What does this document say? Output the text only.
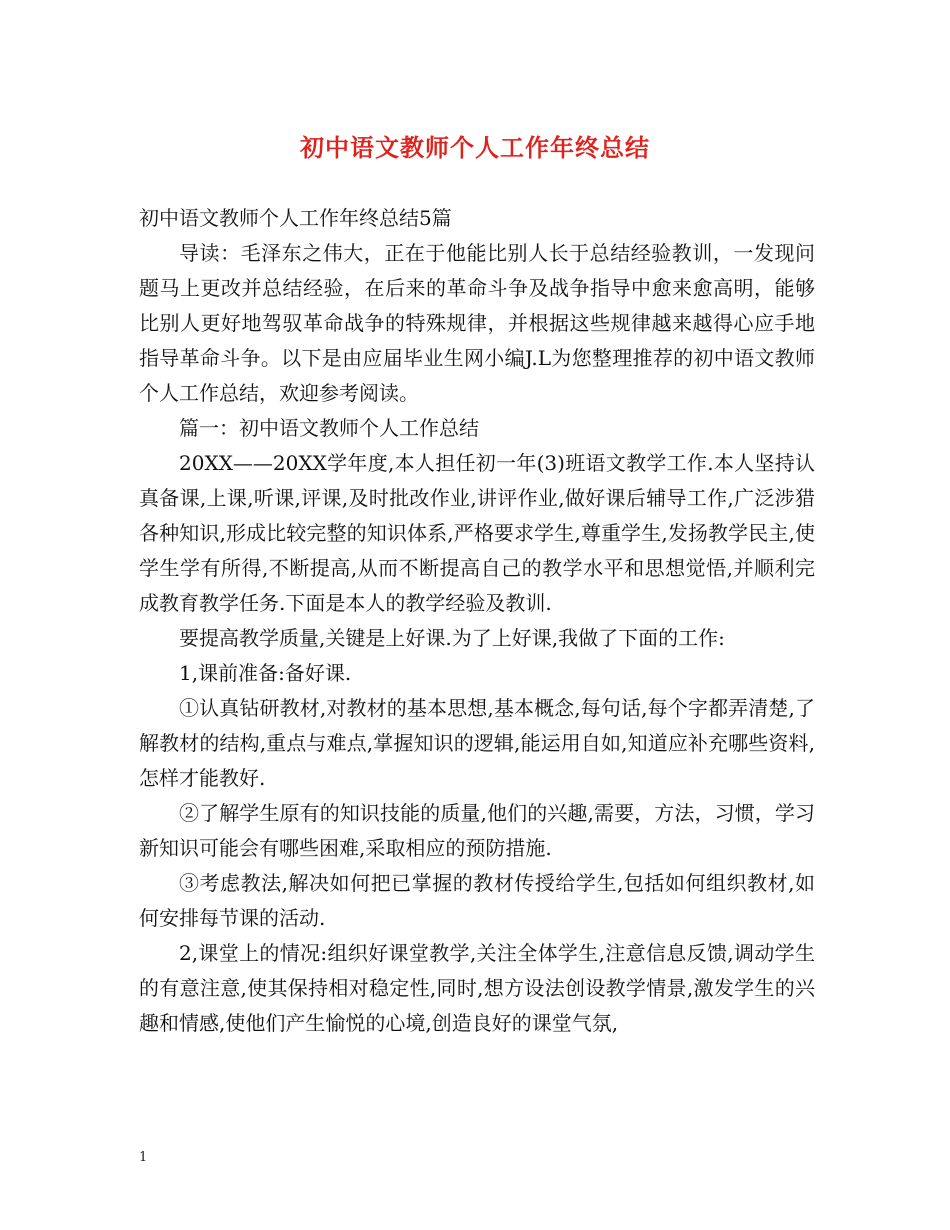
初中语文教师个人工作年终总结

初中语文教师个人工作年终总结5篇

导读：毛泽东之伟大，正在于他能比别人长于总结经验教训，一发现问题马上更改并总结经验，在后来的革命斗争及战争指导中愈来愈高明，能够比别人更好地驾驭革命战争的特殊规律，并根据这些规律越来越得心应手地指导革命斗争。以下是由应届毕业生网小编J.L为您整理推荐的初中语文教师个人工作总结，欢迎参考阅读。

篇一：初中语文教师个人工作总结

20XX——20XX学年度,本人担任初一年(3)班语文教学工作.本人坚持认真备课,上课,听课,评课,及时批改作业,讲评作业,做好课后辅导工作,广泛涉猎各种知识,形成比较完整的知识体系,严格要求学生,尊重学生,发扬教学民主,使学生学有所得,不断提高,从而不断提高自己的教学水平和思想觉悟,并顺利完成教育教学任务.下面是本人的教学经验及教训.

要提高教学质量,关键是上好课.为了上好课,我做了下面的工作:

1,课前准备:备好课.

①认真钻研教材,对教材的基本思想,基本概念,每句话,每个字都弄清楚,了解教材的结构,重点与难点,掌握知识的逻辑,能运用自如,知道应补充哪些资料,怎样才能教好.

②了解学生原有的知识技能的质量,他们的兴趣,需要，方法，习惯，学习新知识可能会有哪些困难,采取相应的预防措施.

③考虑教法,解决如何把已掌握的教材传授给学生,包括如何组织教材,如何安排每节课的活动.

2,课堂上的情况:组织好课堂教学,关注全体学生,注意信息反馈,调动学生的有意注意,使其保持相对稳定性,同时,想方设法创设教学情景,激发学生的兴趣和情感,使他们产生愉悦的心境,创造良好的课堂气氛,

1
